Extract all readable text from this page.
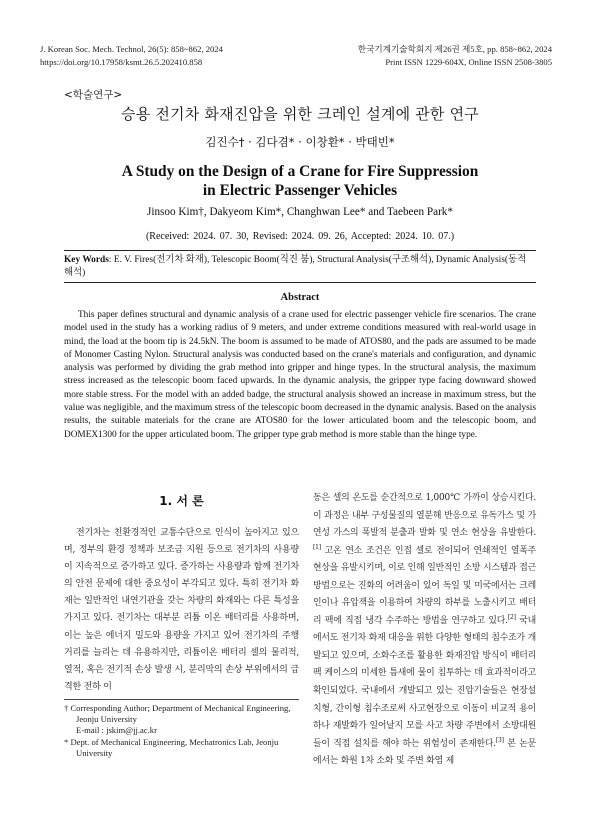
J. Korean Soc. Mech. Technol, 26(5): 858~862, 2024	한국기계기술학회지 제26권 제5호, pp. 858~862, 2024
https://doi.org/10.17958/ksmt.26.5.202410.858	Print ISSN 1229-604X, Online ISSN 2508-3805
<학술연구>
승용 전기차 화재진압을 위한 크레인 설계에 관한 연구
김진수† · 김다겸* · 이창환* · 박태빈*
A Study on the Design of a Crane for Fire Suppression
in Electric Passenger Vehicles
Jinsoo Kim†, Dakyeom Kim*, Changhwan Lee* and Taebeen Park*
(Received: 2024. 07. 30, Revised: 2024. 09. 26, Accepted: 2024. 10. 07.)
Key Words: E. V. Fires(전기차 화재), Telescopic Boom(직진 붐), Structural Analysis(구조해석), Dynamic Analysis(동적 해석)
Abstract

This paper defines structural and dynamic analysis of a crane used for electric passenger vehicle fire scenarios. The crane model used in the study has a working radius of 9 meters, and under extreme conditions measured with real-world usage in mind, the load at the boom tip is 24.5kN. The boom is assumed to be made of ATOS80, and the pads are assumed to be made of Monomer Casting Nylon. Structural analysis was conducted based on the crane's materials and configuration, and dynamic analysis was performed by dividing the grab method into gripper and hinge types. In the structural analysis, the maximum stress increased as the telescopic boom faced upwards. In the dynamic analysis, the gripper type facing downward showed more stable stress. For the model with an added badge, the structural analysis showed an increase in maximum stress, but the value was negligible, and the maximum stress of the telescopic boom decreased in the dynamic analysis. Based on the analysis results, the suitable materials for the crane are ATOS80 for the lower articulated boom and the telescopic boom, and DOMEX1300 for the upper articulated boom. The gripper type grab method is more stable than the hinge type.

1. 서 론

전기차는 친환경적인 교통수단으로 인식이 높아지고 있으며, 정부의 환경 정책과 보조금 지원 등으로 전기차의 사용량이 지속적으로 증가하고 있다. 증가하는 사용량과 함께 전기차의 안전 문제에 대한 중요성이 부각되고 있다. 특히 전기차 화재는 일반적인 내연기관을 갖는 차량의 화재와는 다른 특성을 가지고 있다. 전기차는 대부분 리튬 이온 배터리를 사용하며, 이는 높은 에너지 밀도와 용량을 가지고 있어 전기차의 주행 거리를 늘리는 데 유용하지만, 리튬이온 배터리 셀의 물리적, 열적, 혹은 전기적 손상 발생 시, 분리막의 손상 부위에서의 급격한 전하 이

동은 셀의 온도를 순간적으로 1,000℃ 가까이 상승시킨다. 이 과정은 내부 구성물질의 열분해 반응으로 유독가스 및 가연성 가스의 폭발적 분출과 발화 및 연소 현상을 유발한다.[1] 고온 연소 조건은 인접 셀로 전이되어 연쇄적인 열폭주 현상을 유발시키며, 이로 인해 일반적인 소방 시스템과 접근 방법으로는 진화의 어려움이 있어 독일 및 미국에서는 크레인이나 유압잭을 이용하여 차량의 하부를 노출시키고 배터리 팩에 직접 냉각 수주하는 방법을 연구하고 있다.[2] 국내에서도 전기차 화재 대응을 위한 다양한 형태의 침수조가 개발되고 있으며, 소화수조를 활용한 화재진압 방식이 배터리팩 케이스의 미세한 틈새에 물이 침투하는 데 효과적이라고 확인되었다. 국내에서 개발되고 있는 진압기술들은 현장설치형, 간이형 침수조로써 사고현장으로 이동이 비교적 용이하나 재발화가 일어날지 모를 사고 차량 주변에서 소방대원들이 직접 설치를 해야 하는 위험성이 존재한다.[3] 본 논문에서는 화원 1차 소화 및 주변 화염 제

† Corresponding Author; Department of Mechanical Engineering, Jeonju University

E-mail : jskim@jj.ac.kr

* Dept. of Mechanical Engineering, Mechatronics Lab, Jeonju University
